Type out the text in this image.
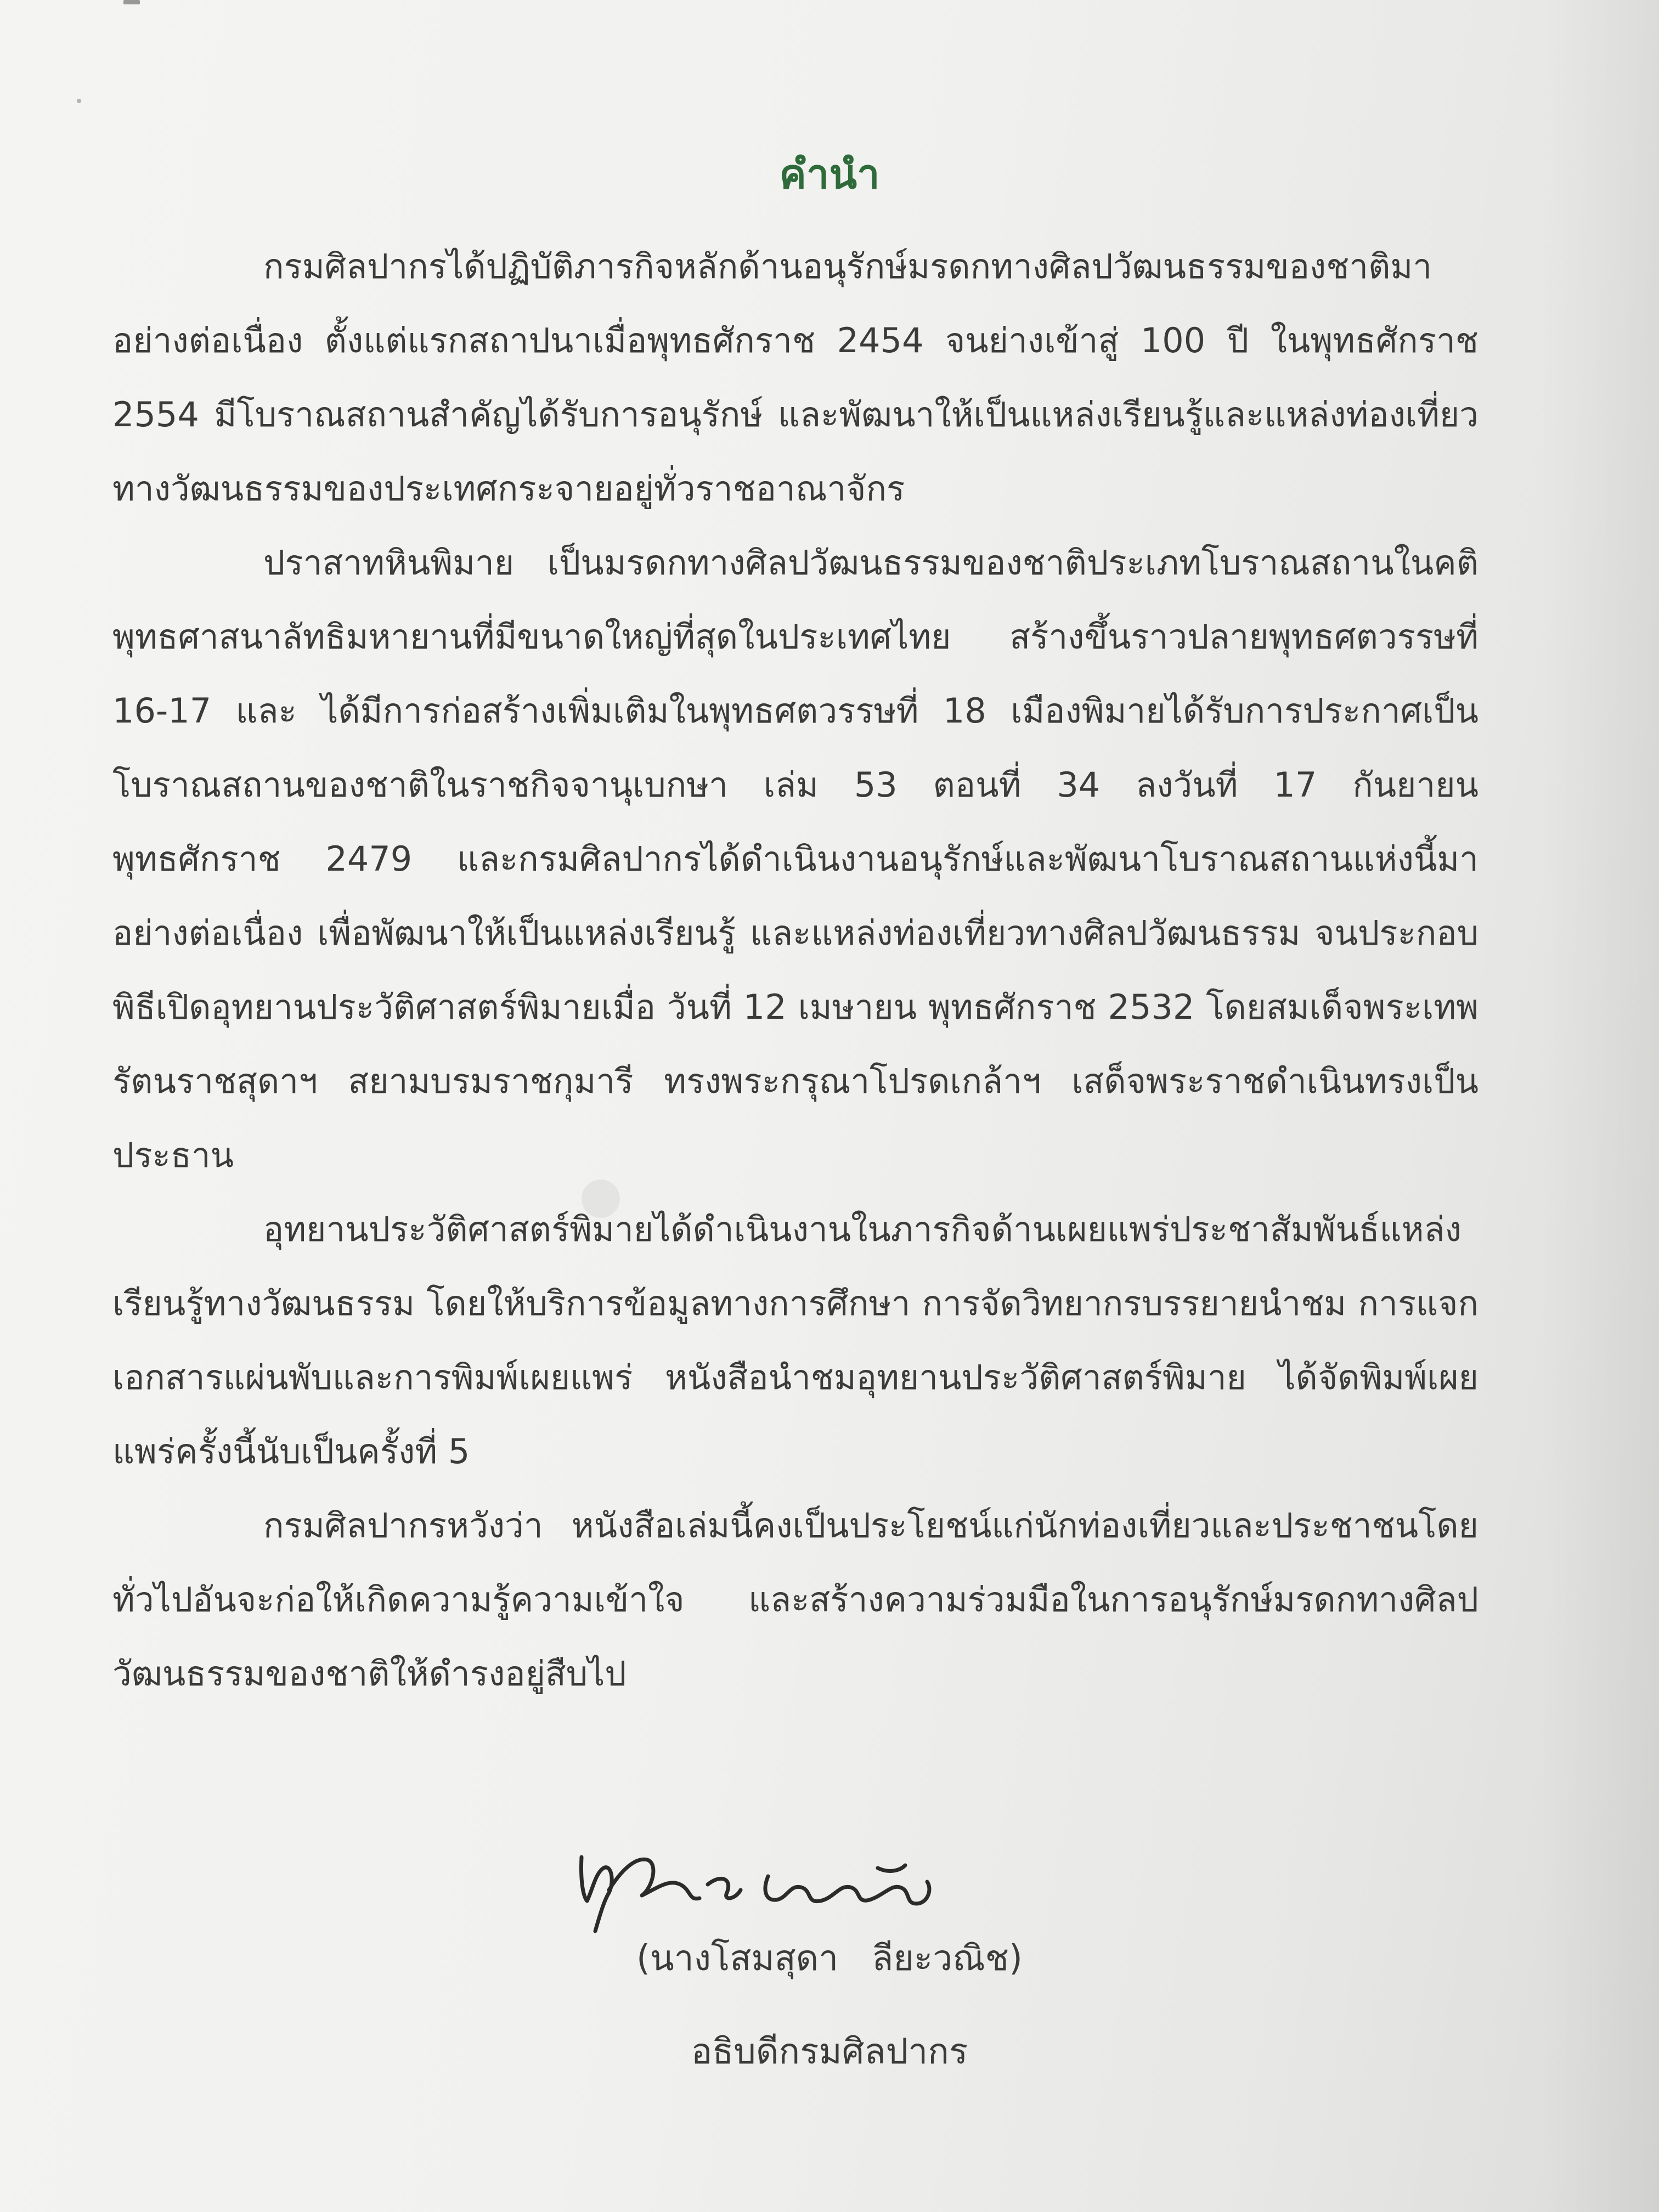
คำนำ

กรมศิลปากรได้ปฏิบัติภารกิจหลักด้านอนุรักษ์มรดกทางศิลปวัฒนธรรมของชาติมาอย่างต่อเนื่อง ตั้งแต่แรกสถาปนาเมื่อพุทธศักราช 2454 จนย่างเข้าสู่ 100 ปี ในพุทธศักราช 2554 มีโบราณสถานสำคัญได้รับการอนุรักษ์ และพัฒนาให้เป็นแหล่งเรียนรู้และแหล่งท่องเที่ยวทางวัฒนธรรมของประเทศกระจายอยู่ทั่วราชอาณาจักร

ปราสาทหินพิมาย เป็นมรดกทางศิลปวัฒนธรรมของชาติประเภทโบราณสถานในคติพุทธศาสนาลัทธิมหายานที่มีขนาดใหญ่ที่สุดในประเทศไทย สร้างขึ้นราวปลายพุทธศตวรรษที่ 16-17 และ ได้มีการก่อสร้างเพิ่มเติมในพุทธศตวรรษที่ 18 เมืองพิมายได้รับการประกาศเป็นโบราณสถานของชาติในราชกิจจานุเบกษา เล่ม 53 ตอนที่ 34 ลงวันที่ 17 กันยายน พุทธศักราช 2479 และกรมศิลปากรได้ดำเนินงานอนุรักษ์และพัฒนาโบราณสถานแห่งนี้มาอย่างต่อเนื่อง เพื่อพัฒนาให้เป็นแหล่งเรียนรู้ และแหล่งท่องเที่ยวทางศิลปวัฒนธรรม จนประกอบพิธีเปิดอุทยานประวัติศาสตร์พิมายเมื่อ วันที่ 12 เมษายน พุทธศักราช 2532 โดยสมเด็จพระเทพรัตนราชสุดาฯ สยามบรมราชกุมารี ทรงพระกรุณาโปรดเกล้าฯ เสด็จพระราชดำเนินทรงเป็นประธาน

อุทยานประวัติศาสตร์พิมายได้ดำเนินงานในภารกิจด้านเผยแพร่ประชาสัมพันธ์แหล่งเรียนรู้ทางวัฒนธรรม โดยให้บริการข้อมูลทางการศึกษา การจัดวิทยากรบรรยายนำชม การแจกเอกสารแผ่นพับและการพิมพ์เผยแพร่ หนังสือนำชมอุทยานประวัติศาสตร์พิมาย ได้จัดพิมพ์เผยแพร่ครั้งนี้นับเป็นครั้งที่ 5

กรมศิลปากรหวังว่า หนังสือเล่มนี้คงเป็นประโยชน์แก่นักท่องเที่ยวและประชาชนโดยทั่วไปอันจะก่อให้เกิดความรู้ความเข้าใจ และสร้างความร่วมมือในการอนุรักษ์มรดกทางศิลปวัฒนธรรมของชาติให้ดำรงอยู่สืบไป

(นางโสมสุดา   ลียะวณิช)
อธิบดีกรมศิลปากร
